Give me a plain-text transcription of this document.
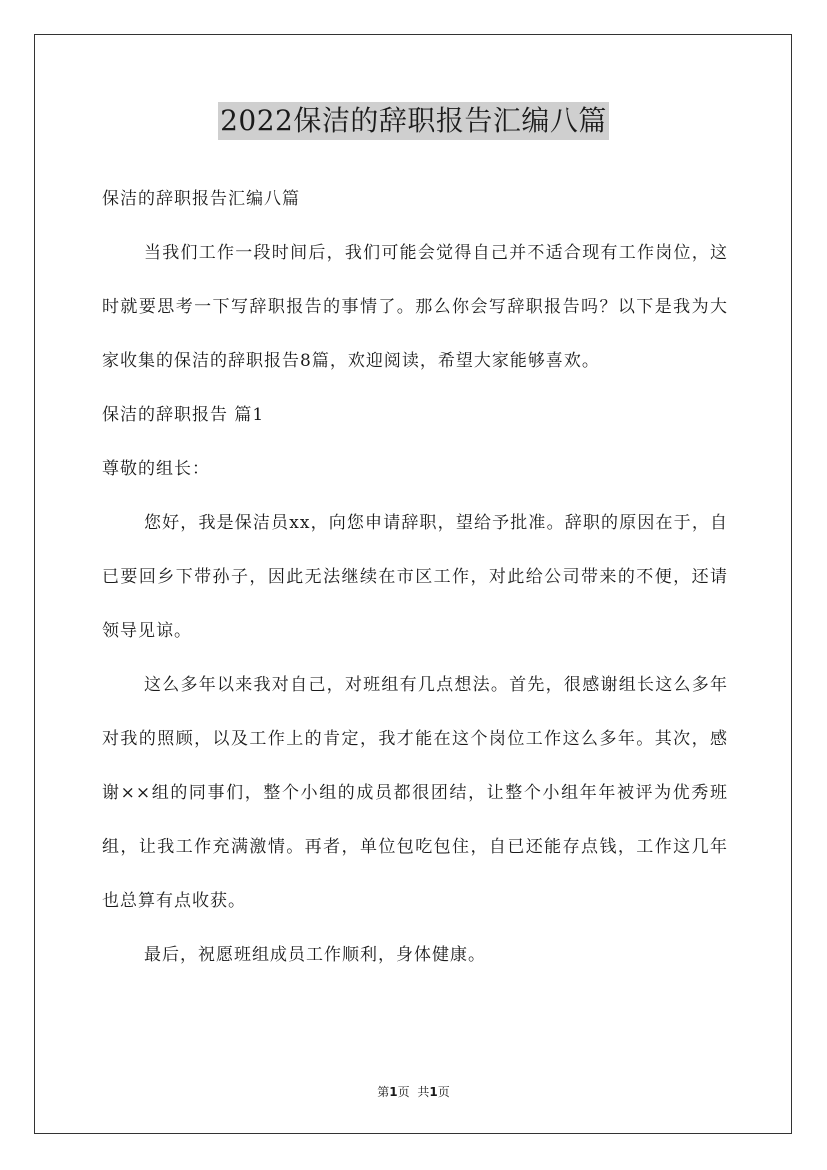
2022保洁的辞职报告汇编八篇

保洁的辞职报告汇编八篇

当我们工作一段时间后，我们可能会觉得自己并不适合现有工作岗位，这时就要思考一下写辞职报告的事情了。那么你会写辞职报告吗？以下是我为大家收集的保洁的辞职报告8篇，欢迎阅读，希望大家能够喜欢。

保洁的辞职报告 篇1

尊敬的组长：

您好，我是保洁员xx，向您申请辞职，望给予批准。辞职的原因在于，自已要回乡下带孙子，因此无法继续在市区工作，对此给公司带来的不便，还请领导见谅。

这么多年以来我对自己，对班组有几点想法。首先，很感谢组长这么多年对我的照顾，以及工作上的肯定，我才能在这个岗位工作这么多年。其次，感谢××组的同事们，整个小组的成员都很团结，让整个小组年年被评为优秀班组，让我工作充满激情。再者，单位包吃包住，自已还能存点钱，工作这几年也总算有点收获。

最后，祝愿班组成员工作顺利，身体健康。

第1页 共1页
